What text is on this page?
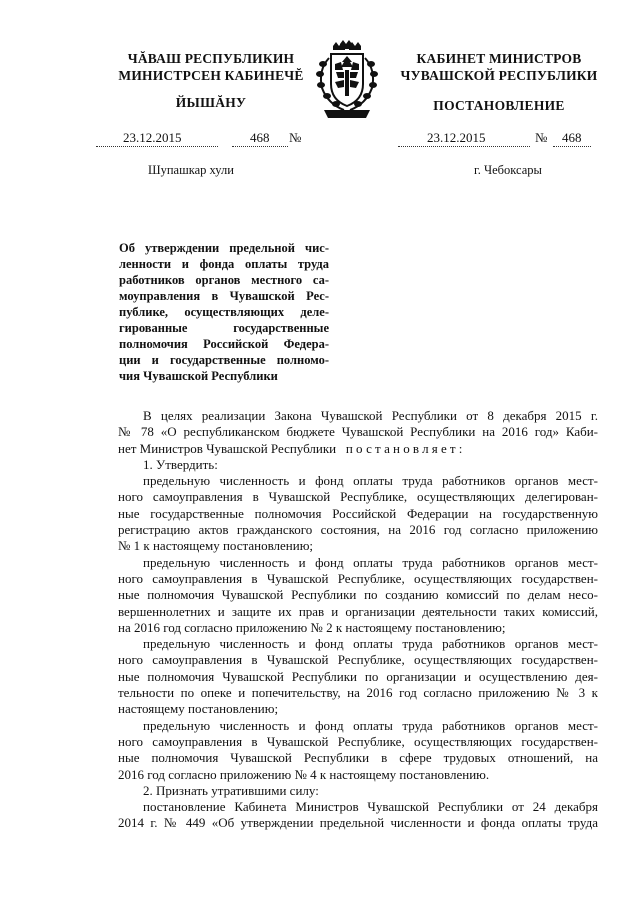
ЧĂВАШ РЕСПУБЛИКИН
МИНИСТРСЕН КАБИНЕЧĔ
ЙЫШĂНУ
КАБИНЕТ МИНИСТРОВ
ЧУВАШСКОЙ РЕСПУБЛИКИ
ПОСТАНОВЛЕНИЕ
23.12.2015	468 №	23.12.2015	№ 468
Шупашкар хули	г. Чебоксары
Об утверждении предельной чис-
ленности и фонда оплаты труда
работников органов местного са-
моуправления в Чувашской Рес-
публике, осуществляющих деле-
гированные государственные
полномочия Российской Федера-
ции и государственные полномо-
чия Чувашской Республики
В целях реализации Закона Чувашской Республики от 8 декабря 2015 г.
№ 78 «О республиканском бюджете Чувашской Республики на 2016 год» Каби-
нет Министров Чувашской Республики постановляет:
1. Утвердить:
предельную численность и фонд оплаты труда работников органов мест-
ного самоуправления в Чувашской Республике, осуществляющих делегирован-
ные государственные полномочия Российской Федерации на государственную
регистрацию актов гражданского состояния, на 2016 год согласно приложению
№ 1 к настоящему постановлению;
предельную численность и фонд оплаты труда работников органов мест-
ного самоуправления в Чувашской Республике, осуществляющих государствен-
ные полномочия Чувашской Республики по созданию комиссий по делам несо-
вершеннолетних и защите их прав и организации деятельности таких комиссий,
на 2016 год согласно приложению № 2 к настоящему постановлению;
предельную численность и фонд оплаты труда работников органов мест-
ного самоуправления в Чувашской Республике, осуществляющих государствен-
ные полномочия Чувашской Республики по организации и осуществлению дея-
тельности по опеке и попечительству, на 2016 год согласно приложению № 3 к
настоящему постановлению;
предельную численность и фонд оплаты труда работников органов мест-
ного самоуправления в Чувашской Республике, осуществляющих государствен-
ные полномочия Чувашской Республики в сфере трудовых отношений, на
2016 год согласно приложению № 4 к настоящему постановлению.
2. Признать утратившими силу:
постановление Кабинета Министров Чувашской Республики от 24 декабря
2014 г. № 449 «Об утверждении предельной численности и фонда оплаты труда
